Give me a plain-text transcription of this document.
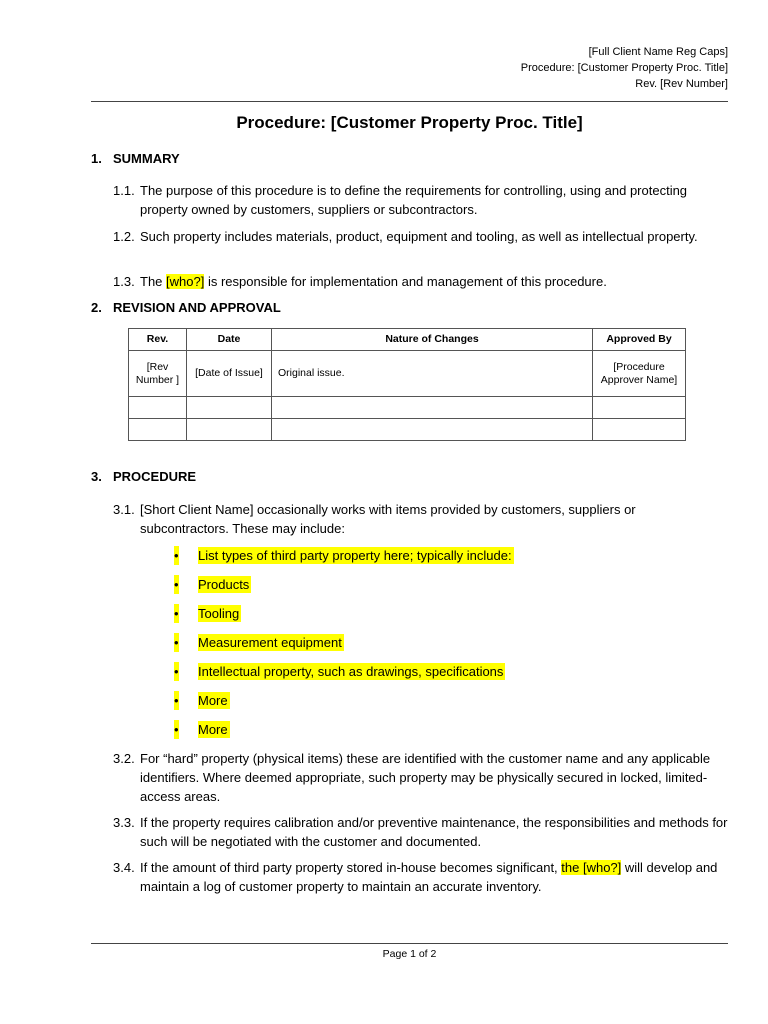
[Full Client Name Reg Caps]
Procedure: [Customer Property Proc. Title]
Rev. [Rev Number]
Procedure: [Customer Property Proc. Title]
1. SUMMARY
1.1. The purpose of this procedure is to define the requirements for controlling, using and protecting property owned by customers, suppliers or subcontractors.
1.2. Such property includes materials, product, equipment and tooling, as well as intellectual property.
1.3. The [who?] is responsible for implementation and management of this procedure.
2. REVISION AND APPROVAL
Rev.	Date	Nature of Changes	Approved By
[Rev Number ]	[Date of Issue]	Original issue.	[Procedure Approver Name]

3. PROCEDURE
3.1. [Short Client Name] occasionally works with items provided by customers, suppliers or subcontractors. These may include:
• List types of third party property here; typically include:
• Products
• Tooling
• Measurement equipment
• Intellectual property, such as drawings, specifications
• More
• More
3.2. For “hard” property (physical items) these are identified with the customer name and any applicable identifiers. Where deemed appropriate, such property may be physically secured in locked, limited-access areas.
3.3. If the property requires calibration and/or preventive maintenance, the responsibilities and methods for such will be negotiated with the customer and documented.
3.4. If the amount of third party property stored in-house becomes significant, the [who?] will develop and maintain a log of customer property to maintain an accurate inventory.
Page 1 of 2
